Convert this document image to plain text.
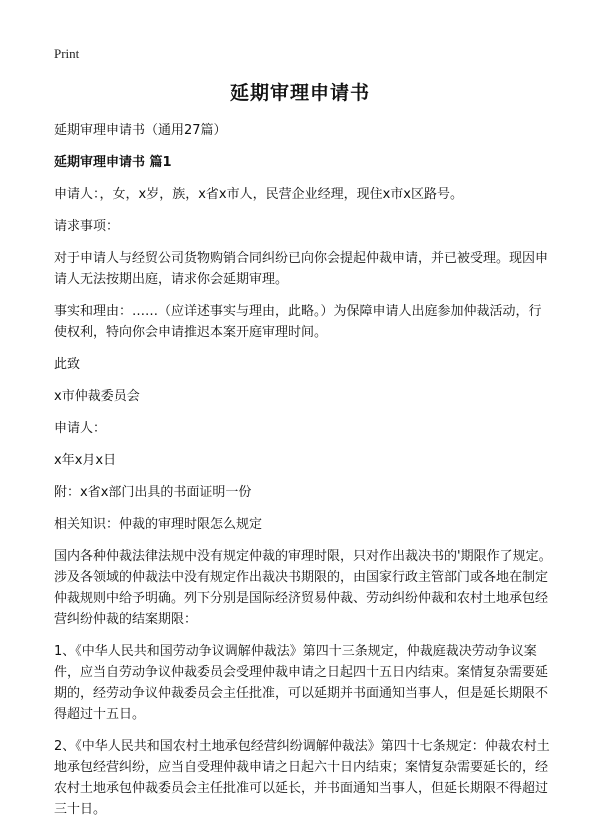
Print
延期审理申请书

延期审理申请书（通用27篇）

延期审理申请书 篇1

申请人：，女，x岁，族，x省x市人，民营企业经理，现住x市x区路号。

请求事项：

对于申请人与经贸公司货物购销合同纠纷已向你会提起仲裁申请，并已被受理。现因申请人无法按期出庭，请求你会延期审理。

事实和理由：……（应详述事实与理由，此略。）为保障申请人出庭参加仲裁活动，行使权利，特向你会申请推迟本案开庭审理时间。

此致

x市仲裁委员会

申请人：

x年x月x日

附：x省x部门出具的书面证明一份

相关知识：仲裁的审理时限怎么规定

国内各种仲裁法律法规中没有规定仲裁的审理时限，只对作出裁决书的'期限作了规定。涉及各领域的仲裁法中没有规定作出裁决书期限的，由国家行政主管部门或各地在制定仲裁规则中给予明确。列下分别是国际经济贸易仲裁、劳动纠纷仲裁和农村土地承包经营纠纷仲裁的结案期限：

1、《中华人民共和国劳动争议调解仲裁法》第四十三条规定，仲裁庭裁决劳动争议案件，应当自劳动争议仲裁委员会受理仲裁申请之日起四十五日内结束。案情复杂需要延期的，经劳动争议仲裁委员会主任批准，可以延期并书面通知当事人，但是延长期限不得超过十五日。

2、《中华人民共和国农村土地承包经营纠纷调解仲裁法》第四十七条规定：仲裁农村土地承包经营纠纷，应当自受理仲裁申请之日起六十日内结束；案情复杂需要延长的，经农村土地承包仲裁委员会主任批准可以延长，并书面通知当事人，但延长期限不得超过三十日。
